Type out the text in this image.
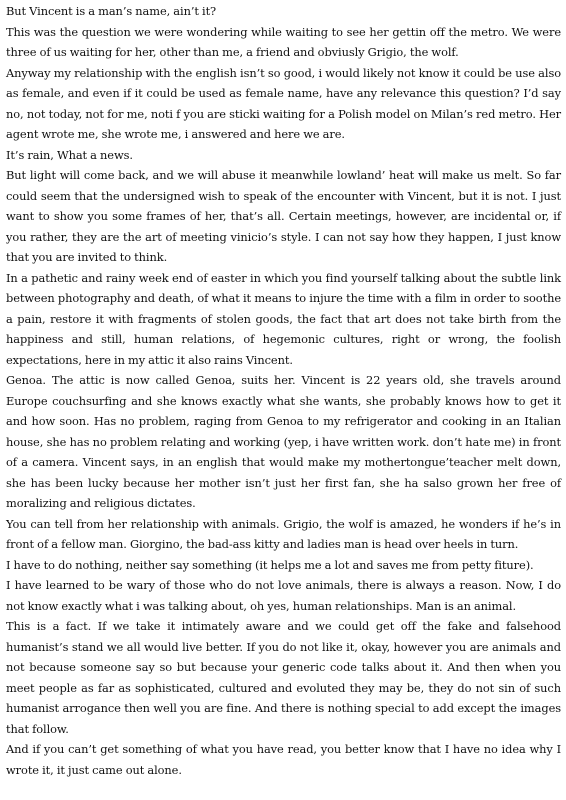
But Vincent is a man’s name, ain’t it?

This was the question we were wondering while waiting to see her gettin off the metro. We were three of us waiting for her, other than me, a friend and obviusly Grigio, the wolf.

Anyway my relationship with the english isn’t so good, i would likely not know it could be use also as female, and even if it could be used as female name, have any relevance this question? I’d say no, not today, not for me, noti f you are sticki waiting for a Polish model on Milan’s red metro. Her agent wrote me, she wrote me, i answered and here we are.

It’s rain, What a news.

But light will come back, and we will abuse it meanwhile lowland’ heat will make us melt. So far could seem that the undersigned wish to speak of the encounter with Vincent, but it is not. I just want to show you some frames of her, that’s all. Certain meetings, however, are incidental or, if you rather, they are the art of meeting vinicio’s style. I can not say how they happen, I just know that you are invited to think.

In a pathetic and rainy week end of easter in which you find yourself talking about the subtle link between photography and death, of what it means to injure the time with a film in order to soothe a pain, restore it with fragments of stolen goods, the fact that art does not take birth from the happiness and still, human relations, of hegemonic cultures, right or wrong, the foolish expectations, here in my attic it also rains Vincent.

Genoa. The attic is now called Genoa, suits her. Vincent is 22 years old, she travels around Europe couchsurfing and she knows exactly what she wants, she probably knows how to get it and how soon. Has no problem, raging from Genoa to my refrigerator and cooking in an Italian house, she has no problem relating and working (yep, i have written work. don’t hate me) in front of a camera. Vincent says, in an english that would make my mothertongue’teacher melt down, she has been lucky because her mother isn’t just her first fan, she ha salso grown her free of moralizing and religious dictates.

You can tell from her relationship with animals. Grigio, the wolf is amazed, he wonders if he’s in front of a fellow man. Giorgino, the bad-ass kitty and ladies man is head over heels in turn.

I have to do nothing, neither say something (it helps me a lot and saves me from petty fiture).

I have learned to be wary of those who do not love animals, there is always a reason. Now, I do not know exactly what i was talking about, oh yes, human relationships. Man is an animal.

This is a fact. If we take it intimately aware and we could get off the fake and falsehood humanist’s stand we all would live better. If you do not like it, okay, however you are animals and not because someone say so but because your generic code talks about it. And then when you meet people as far as sophisticated, cultured and evoluted they may be, they do not sin of such humanist arrogance then well you are fine. And there is nothing special to add except the images that follow.

And if you can’t get something of what you have read, you better know that I have no idea why I wrote it, it just came out alone.
